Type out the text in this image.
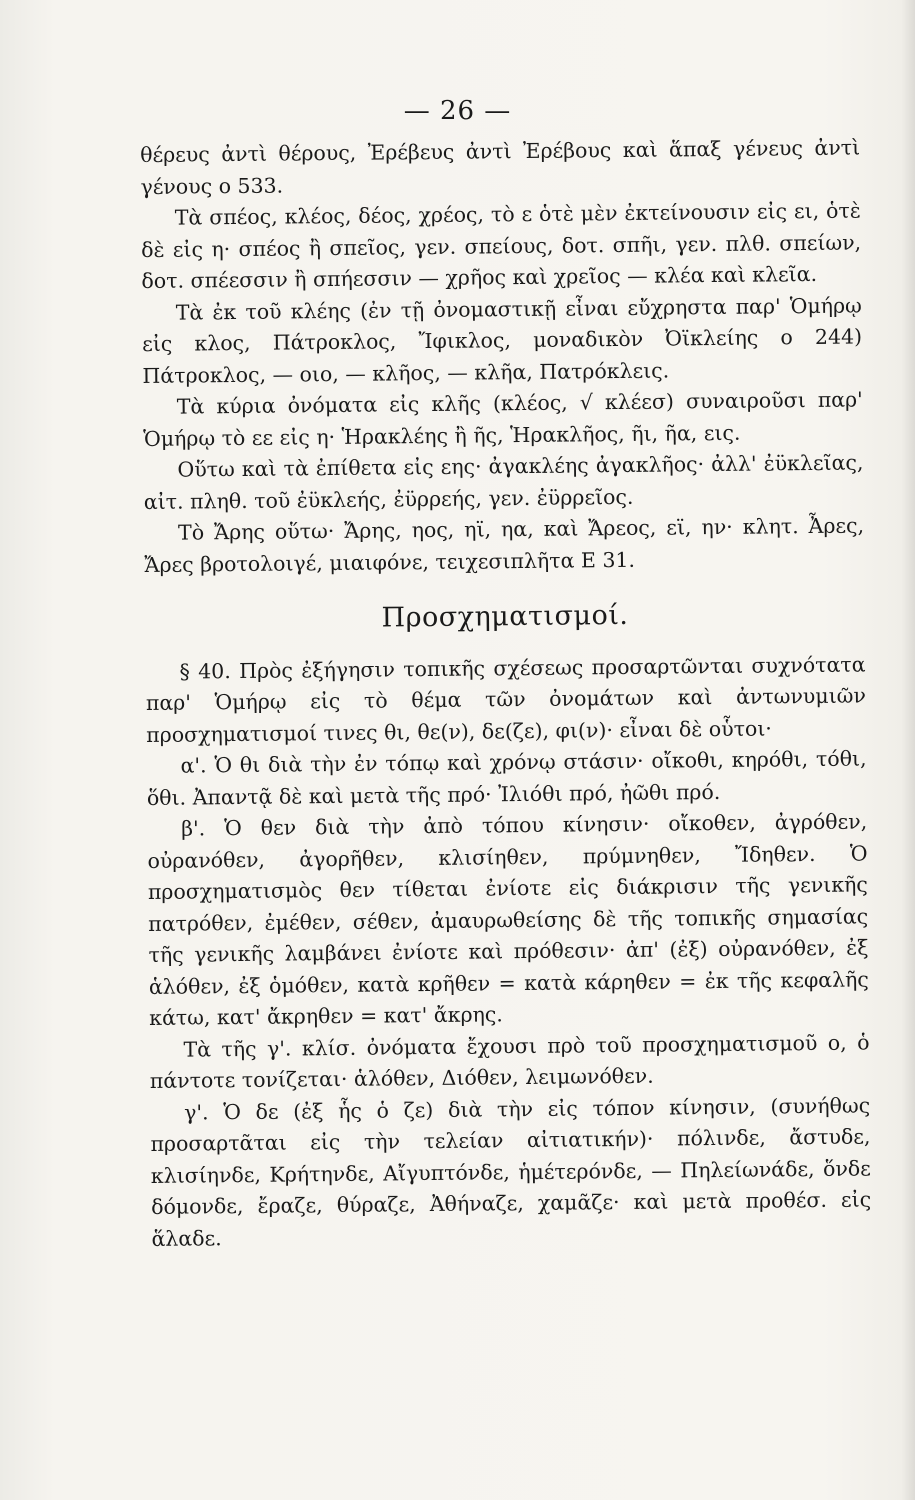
— 26 —

θέρευς ἀντὶ θέρους, Ἐρέβευς ἀντὶ Ἐρέβους καὶ ἅπαξ γένευς ἀντὶ γένους ο 533.

Τὰ σπέος, κλέος, δέος, χρέος, τὸ ε ὁτὲ μὲν ἐκτείνουσιν εἰς ει, ὁτὲ δὲ εἰς η· σπέος ἢ σπεῖος, γεν. σπείους, δοτ. σπῆι, γεν. πλθ. σπείων, δοτ. σπέεσσιν ἢ σπήεσσιν — χρῆος καὶ χρεῖος — κλέα καὶ κλεῖα.

Τὰ ἐκ τοῦ κλέης (ἐν τῇ ὀνομαστικῇ εἶναι εὔχρηστα παρ' Ὁμήρῳ εἰς κλος, Πάτροκλος, Ἴφικλος, μοναδικὸν Ὀϊκλείης ο 244) Πάτροκλος, — οιο, — κλῆος, — κλῆα, Πατρόκλεις.

Τὰ κύρια ὀνόματα εἰς κλῆς (κλέος, √ κλέεσ) συναιροῦσι παρ' Ὁμήρῳ τὸ εε εἰς η· Ἡρακλέης ἢ ῆς, Ἡρακλῆος, ῆι, ῆα, εις.

Οὕτω καὶ τὰ ἐπίθετα εἰς εης· ἀγακλέης ἀγακλῆος· ἀλλ' ἐϋκλεῖας, αἰτ. πληθ. τοῦ ἐϋκλεής, ἐϋρρεής, γεν. ἐϋρρεῖος.

Τὸ Ἄρης οὕτω· Ἄρης, ηος, ηϊ, ηα, καὶ Ἄρεος, εϊ, ην· κλητ. Ἆρες, Ἄρες βροτολοιγέ, μιαιφόνε, τειχεσιπλῆτα Ε 31.

Προσχηματισμοί.

§ 40. Πρὸς ἐξήγησιν τοπικῆς σχέσεως προσαρτῶνται συχνότατα παρ' Ὁμήρῳ εἰς τὸ θέμα τῶν ὀνομάτων καὶ ἀντωνυμιῶν προσχηματισμοί τινες θι, θε(ν), δε(ζε), φι(ν)· εἶναι δὲ οὗτοι·

α'. Ὁ θι διὰ τὴν ἐν τόπῳ καὶ χρόνῳ στάσιν· οἴκοθι, κηρόθι, τόθι, ὅθι. Ἀπαντᾷ δὲ καὶ μετὰ τῆς πρό· Ἰλιόθι πρό, ἠῶθι πρό.

β'. Ὁ θεν διὰ τὴν ἀπὸ τόπου κίνησιν· οἴκοθεν, ἀγρόθεν, οὐρανόθεν, ἀγορῆθεν, κλισίηθεν, πρύμνηθεν, Ἴδηθεν. Ὁ προσχηματισμὸς θεν τίθεται ἐνίοτε εἰς διάκρισιν τῆς γενικῆς πατρόθεν, ἐμέθεν, σέθεν, ἀμαυρωθείσης δὲ τῆς τοπικῆς σημασίας τῆς γενικῆς λαμβάνει ἐνίοτε καὶ πρόθεσιν· ἀπ' (ἐξ) οὐρανόθεν, ἐξ ἁλόθεν, ἐξ ὁμόθεν, κατὰ κρῆθεν = κατὰ κάρηθεν = ἐκ τῆς κεφαλῆς κάτω, κατ' ἄκρηθεν = κατ' ἄκρης.

Τὰ τῆς γ'. κλίσ. ὀνόματα ἔχουσι πρὸ τοῦ προσχηματισμοῦ ο, ὁ πάντοτε τονίζεται· ἁλόθεν, Διόθεν, λειμωνόθεν.

γ'. Ὁ δε (ἐξ ἧς ὁ ζε) διὰ τὴν εἰς τόπον κίνησιν, (συνήθως προσαρτᾶται εἰς τὴν τελείαν αἰτιατικήν)· πόλινδε, ἄστυδε, κλισίηνδε, Κρήτηνδε, Αἴγυπτόνδε, ἡμέτερόνδε, — Πηλείωνάδε, ὅνδε δόμονδε, ἔραζε, θύραζε, Ἀθήναζε, χαμᾶζε· καὶ μετὰ προθέσ. εἰς ἅλαδε.
